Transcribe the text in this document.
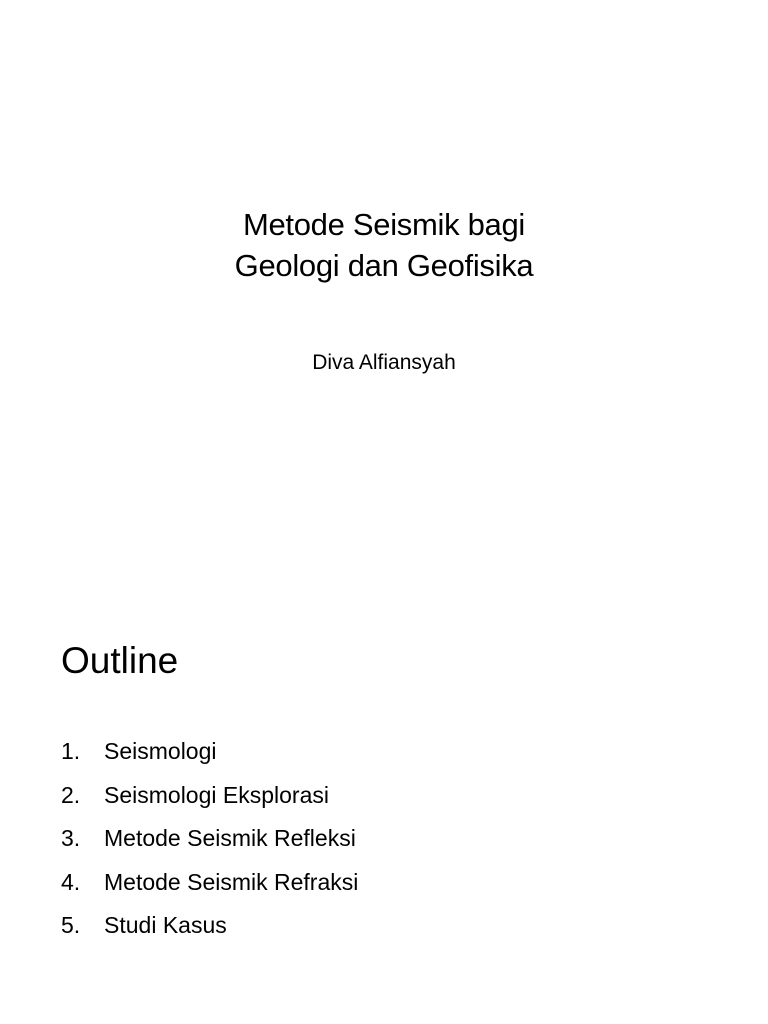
Metode Seismik bagi
Geologi dan Geofisika
Diva Alfiansyah
Outline
1.	Seismologi
2.	Seismologi Eksplorasi
3.	Metode Seismik Refleksi
4.	Metode Seismik Refraksi
5.	Studi Kasus
